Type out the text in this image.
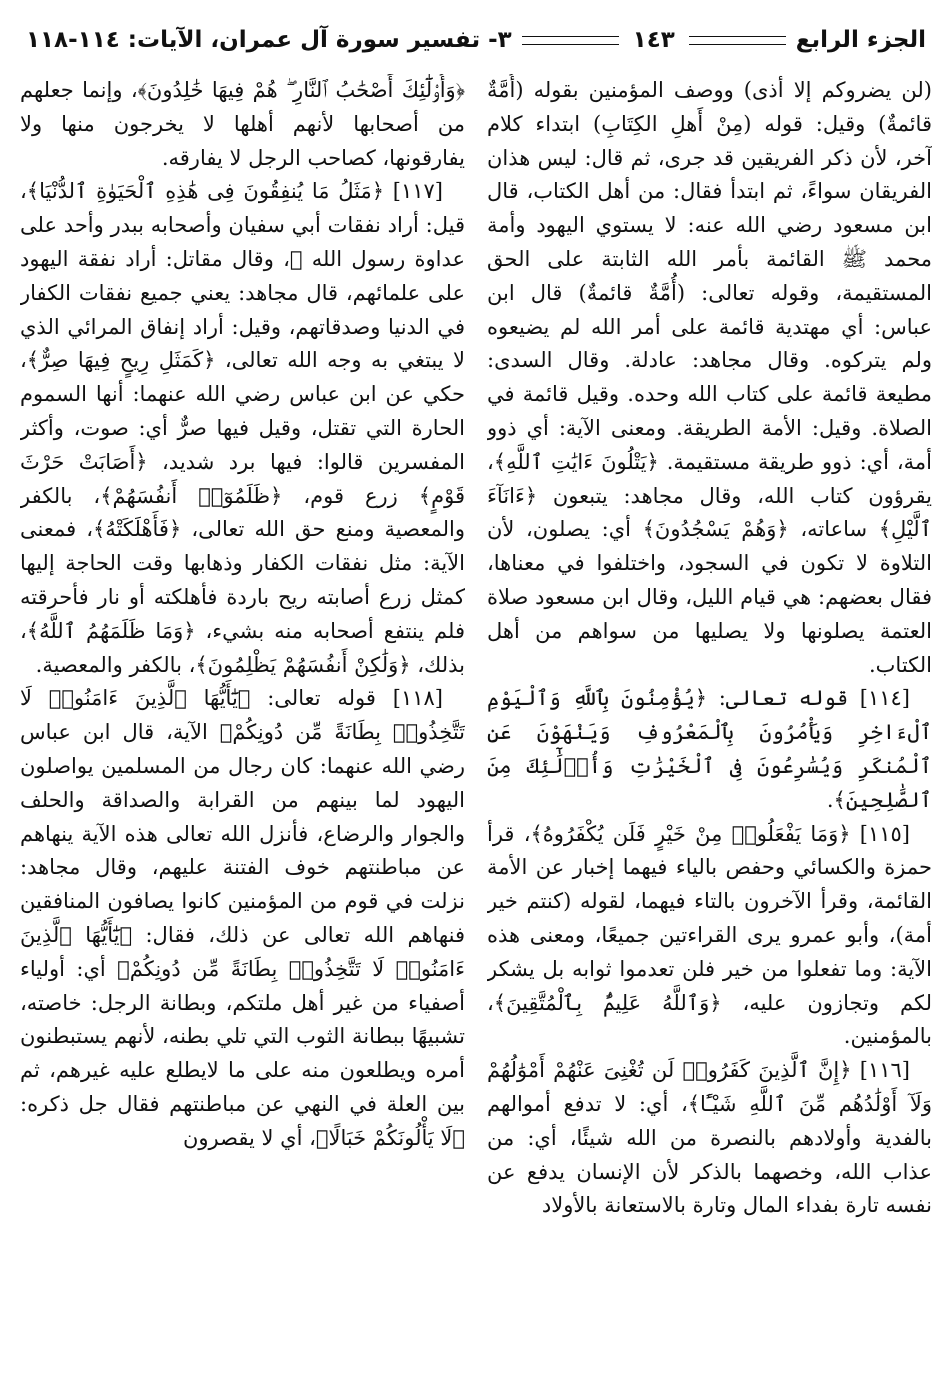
الجزء الرابع
١٤٣
٣- تفسير سورة آل عمران، الآيات: ١١٤-١١٨

(لن يضروكم إلا أذى) ووصف المؤمنين بقوله (أُمَّةٌ قائمةٌ) وقيل: قوله (مِنْ أَهلِ الكِتَابِ) ابتداء كلام آخر، لأن ذكر الفريقين قد جرى، ثم قال: ليس هذان الفريقان سواءً، ثم ابتدأ فقال: من أهل الكتاب، قال ابن مسعود رضي الله عنه: لا يستوي اليهود وأمة محمد ﷺ القائمة بأمر الله الثابتة على الحق المستقيمة، وقوله تعالى: (أُمَّةٌ قائمةٌ) قال ابن عباس: أي مهتدية قائمة على أمر الله لم يضيعوه ولم يتركوه. وقال مجاهد: عادلة. وقال السدى: مطيعة قائمة على كتاب الله وحده. وقيل قائمة في الصلاة. وقيل: الأمة الطريقة. ومعنى الآية: أي ذوو أمة، أي: ذوو طريقة مستقيمة. ﴿يَتْلُونَ ءَايَٰتِ ٱللَّهِ﴾، يقرؤون كتاب الله، وقال مجاهد: يتبعون ﴿ءَانَآءَ ٱلَّيْلِ﴾ ساعاته، ﴿وَهُمْ يَسْجُدُونَ﴾ أي: يصلون، لأن التلاوة لا تكون في السجود، واختلفوا في معناها، فقال بعضهم: هي قيام الليل، وقال ابن مسعود صلاة العتمة يصلونها ولا يصليها من سواهم من أهل الكتاب.

[١١٤] قوله تعالى: ﴿يُؤْمِنُونَ بِٱللَّهِ وَٱلْيَوْمِ ٱلْءَاخِرِ وَيَأْمُرُونَ بِٱلْمَعْرُوفِ وَيَنْهَوْنَ عَنِ ٱلْمُنكَرِ وَيُسَٰرِعُونَ فِى ٱلْخَيْرَٰتِ وَأُو۟لَٰٓئِكَ مِنَ ٱلصَّٰلِحِينَ﴾.

[١١٥] ﴿وَمَا يَفْعَلُوا۟ مِنْ خَيْرٍ فَلَن يُكْفَرُوهُ﴾، قرأ حمزة والكسائي وحفص بالياء فيهما إخبار عن الأمة القائمة، وقرأ الآخرون بالتاء فيهما، لقوله (كنتم خير أمة)، وأبو عمرو يرى القراءتين جميعًا، ومعنى هذه الآية: وما تفعلوا من خير فلن تعدموا ثوابه بل يشكر لكم وتجازون عليه، ﴿وَٱللَّهُ عَلِيمٌۢ بِٱلْمُتَّقِينَ﴾، بالمؤمنين.

[١١٦] ﴿إِنَّ ٱلَّذِينَ كَفَرُوا۟ لَن تُغْنِىَ عَنْهُمْ أَمْوَٰلُهُمْ وَلَآ أَوْلَٰدُهُم مِّنَ ٱللَّهِ شَيْـًٔا﴾، أي: لا تدفع أموالهم بالفدية وأولادهم بالنصرة من الله شيئًا، أي: من عذاب الله، وخصهما بالذكر لأن الإنسان يدفع عن نفسه تارة بفداء المال وتارة بالاستعانة بالأولاد

﴿وَأُو۟لَٰٓئِكَ أَصْحَٰبُ ٱلنَّارِ ۖ هُمْ فِيهَا خَٰلِدُونَ﴾، وإنما جعلهم من أصحابها لأنهم أهلها لا يخرجون منها ولا يفارقونها، كصاحب الرجل لا يفارقه.

[١١٧] ﴿مَثَلُ مَا يُنفِقُونَ فِى هَٰذِهِ ٱلْحَيَوٰةِ ٱلدُّنْيَا﴾، قيل: أراد نفقات أبي سفيان وأصحابه ببدر وأحد على عداوة رسول الله ﷺ، وقال مقاتل: أراد نفقة اليهود على علمائهم، قال مجاهد: يعني جميع نفقات الكفار في الدنيا وصدقاتهم، وقيل: أراد إنفاق المرائي الذي لا يبتغي به وجه الله تعالى، ﴿كَمَثَلِ رِيحٍ فِيهَا صِرٌّ﴾، حكي عن ابن عباس رضي الله عنهما: أنها السموم الحارة التي تقتل، وقيل فيها صرٌّ أي: صوت، وأكثر المفسرين قالوا: فيها برد شديد، ﴿أَصَابَتْ حَرْثَ قَوْمٍ﴾ زرع قوم، ﴿ظَلَمُوٓا۟ أَنفُسَهُمْ﴾، بالكفر والمعصية ومنع حق الله تعالى، ﴿فَأَهْلَكَتْهُ﴾، فمعنى الآية: مثل نفقات الكفار وذهابها وقت الحاجة إليها كمثل زرع أصابته ريح باردة فأهلكته أو نار فأحرقته فلم ينتفع أصحابه منه بشيء، ﴿وَمَا ظَلَمَهُمُ ٱللَّهُ﴾، بذلك، ﴿وَلَٰكِنْ أَنفُسَهُمْ يَظْلِمُونَ﴾، بالكفر والمعصية.

[١١٨] قوله تعالى: ﴿يَٰٓأَيُّهَا ٱلَّذِينَ ءَامَنُوا۟ لَا تَتَّخِذُوا۟ بِطَانَةً مِّن دُونِكُمْ﴾ الآية، قال ابن عباس رضي الله عنهما: كان رجال من المسلمين يواصلون اليهود لما بينهم من القرابة والصداقة والحلف والجوار والرضاع، فأنزل الله تعالى هذه الآية ينهاهم عن مباطنتهم خوف الفتنة عليهم، وقال مجاهد: نزلت في قوم من المؤمنين كانوا يصافون المنافقين فنهاهم الله تعالى عن ذلك، فقال: ﴿يَٰٓأَيُّهَا ٱلَّذِينَ ءَامَنُوا۟ لَا تَتَّخِذُوا۟ بِطَانَةً مِّن دُونِكُمْ﴾ أي: أولياء أصفياء من غير أهل ملتكم، وبطانة الرجل: خاصته، تشبيهًا ببطانة الثوب التي تلي بطنه، لأنهم يستبطنون أمره ويطلعون منه على ما لايطلع عليه غيرهم، ثم بين العلة في النهي عن مباطنتهم فقال جل ذكره: ﴿لَا يَأْلُونَكُمْ خَبَالًا﴾، أي لا يقصرون
